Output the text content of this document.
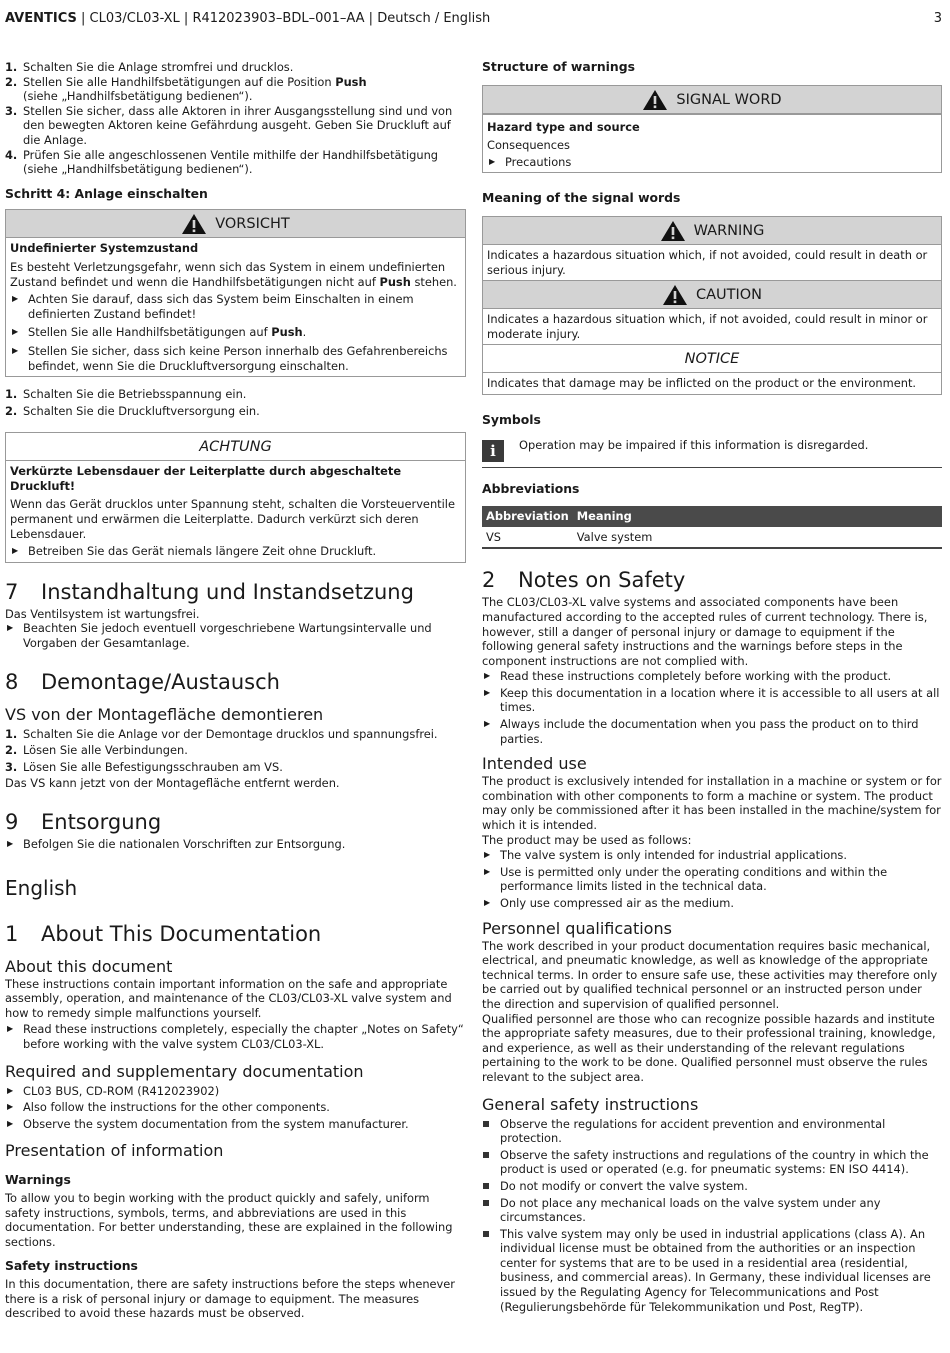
AVENTICS | CL03/CL03-XL | R412023903–BDL–001–AA | Deutsch / English	3
1. Schalten Sie die Anlage stromfrei und drucklos.
2. Stellen Sie alle Handhilfsbetätigungen auf die Position Push
(siehe „Handhilfsbetätigung bedienen“).
3. Stellen Sie sicher, dass alle Aktoren in ihrer Ausgangsstellung sind und von den bewegten Aktoren keine Gefährdung ausgeht. Geben Sie Druckluft auf die Anlage.
4. Prüfen Sie alle angeschlossenen Ventile mithilfe der Handhilfsbetätigung (siehe „Handhilfsbetätigung bedienen“).

Schritt 4: Anlage einschalten

VORSICHT

Undefinierter Systemzustand

Es besteht Verletzungsgefahr, wenn sich das System in einem undefinierten Zustand befindet und wenn die Handhilfsbetätigungen nicht auf Push stehen.

▶ Achten Sie darauf, dass sich das System beim Einschalten in einem definierten Zustand befindet!
▶ Stellen Sie alle Handhilfsbetätigungen auf Push.
▶ Stellen Sie sicher, dass sich keine Person innerhalb des Gefahrenbereichs befindet, wenn Sie die Druckluftversorgung einschalten.
1. Schalten Sie die Betriebsspannung ein.
2. Schalten Sie die Druckluftversorgung ein.
ACHTUNG

Verkürzte Lebensdauer der Leiterplatte durch abgeschaltete Druckluft!

Wenn das Gerät drucklos unter Spannung steht, schalten die Vorsteuerventile permanent und erwärmen die Leiterplatte. Dadurch verkürzt sich deren Lebensdauer.

▶ Betreiben Sie das Gerät niemals längere Zeit ohne Druckluft.

7 Instandhaltung und Instandsetzung

Das Ventilsystem ist wartungsfrei.

▶ Beachten Sie jedoch eventuell vorgeschriebene Wartungsintervalle und Vorgaben der Gesamtanlage.

8 Demontage/Austausch

VS von der Montagefläche demontieren

1. Schalten Sie die Anlage vor der Demontage drucklos und spannungsfrei.
2. Lösen Sie alle Verbindungen.
3. Lösen Sie alle Befestigungsschrauben am VS.

Das VS kann jetzt von der Montagefläche entfernt werden.

9 Entsorgung

▶ Befolgen Sie die nationalen Vorschriften zur Entsorgung.

English

1 About This Documentation

About this document

These instructions contain important information on the safe and appropriate assembly, operation, and maintenance of the CL03/CL03-XL valve system and how to remedy simple malfunctions yourself.

▶ Read these instructions completely, especially the chapter „Notes on Safety“ before working with the valve system CL03/CL03-XL.

Required and supplementary documentation

▶ CL03 BUS, CD-ROM (R412023902)
▶ Also follow the instructions for the other components.
▶ Observe the system documentation from the system manufacturer.

Presentation of information

Warnings

To allow you to begin working with the product quickly and safely, uniform safety instructions, symbols, terms, and abbreviations are used in this documentation. For better understanding, these are explained in the following sections.

Safety instructions

In this documentation, there are safety instructions before the steps whenever there is a risk of personal injury or damage to equipment. The measures described to avoid these hazards must be observed.

Structure of warnings

SIGNAL WORD

Hazard type and source

Consequences

▶ Precautions

Meaning of the signal words

WARNING

Indicates a hazardous situation which, if not avoided, could result in death or serious injury.

CAUTION

Indicates a hazardous situation which, if not avoided, could result in minor or moderate injury.

NOTICE

Indicates that damage may be inflicted on the product or the environment.

Symbols

i	Operation may be impaired if this information is disregarded.

Abbreviations

Abbreviation	Meaning
VS	Valve system

2 Notes on Safety

The CL03/CL03-XL valve systems and associated components have been manufactured according to the accepted rules of current technology. There is, however, still a danger of personal injury or damage to equipment if the following general safety instructions and the warnings before steps in the component instructions are not complied with.

▶ Read these instructions completely before working with the product.
▶ Keep this documentation in a location where it is accessible to all users at all times.
▶ Always include the documentation when you pass the product on to third parties.

Intended use

The product is exclusively intended for installation in a machine or system or for combination with other components to form a machine or system. The product may only be commissioned after it has been installed in the machine/system for which it is intended.

The product may be used as follows:

▶ The valve system is only intended for industrial applications.
▶ Use is permitted only under the operating conditions and within the performance limits listed in the technical data.
▶ Only use compressed air as the medium.

Personnel qualifications

The work described in your product documentation requires basic mechanical, electrical, and pneumatic knowledge, as well as knowledge of the appropriate technical terms. In order to ensure safe use, these activities may therefore only be carried out by qualified technical personnel or an instructed person under the direction and supervision of qualified personnel.

Qualified personnel are those who can recognize possible hazards and institute the appropriate safety measures, due to their professional training, knowledge, and experience, as well as their understanding of the relevant regulations pertaining to the work to be done. Qualified personnel must observe the rules relevant to the subject area.

General safety instructions

Observe the regulations for accident prevention and environmental protection.
Observe the safety instructions and regulations of the country in which the product is used or operated (e.g. for pneumatic systems: EN ISO 4414).
Do not modify or convert the valve system.
Do not place any mechanical loads on the valve system under any circumstances.
This valve system may only be used in industrial applications (class A). An individual license must be obtained from the authorities or an inspection center for systems that are to be used in a residential area (residential, business, and commercial areas). In Germany, these individual licenses are issued by the Regulating Agency for Telecommunications and Post (Regulierungsbehörde für Telekommunikation und Post, RegTP).
